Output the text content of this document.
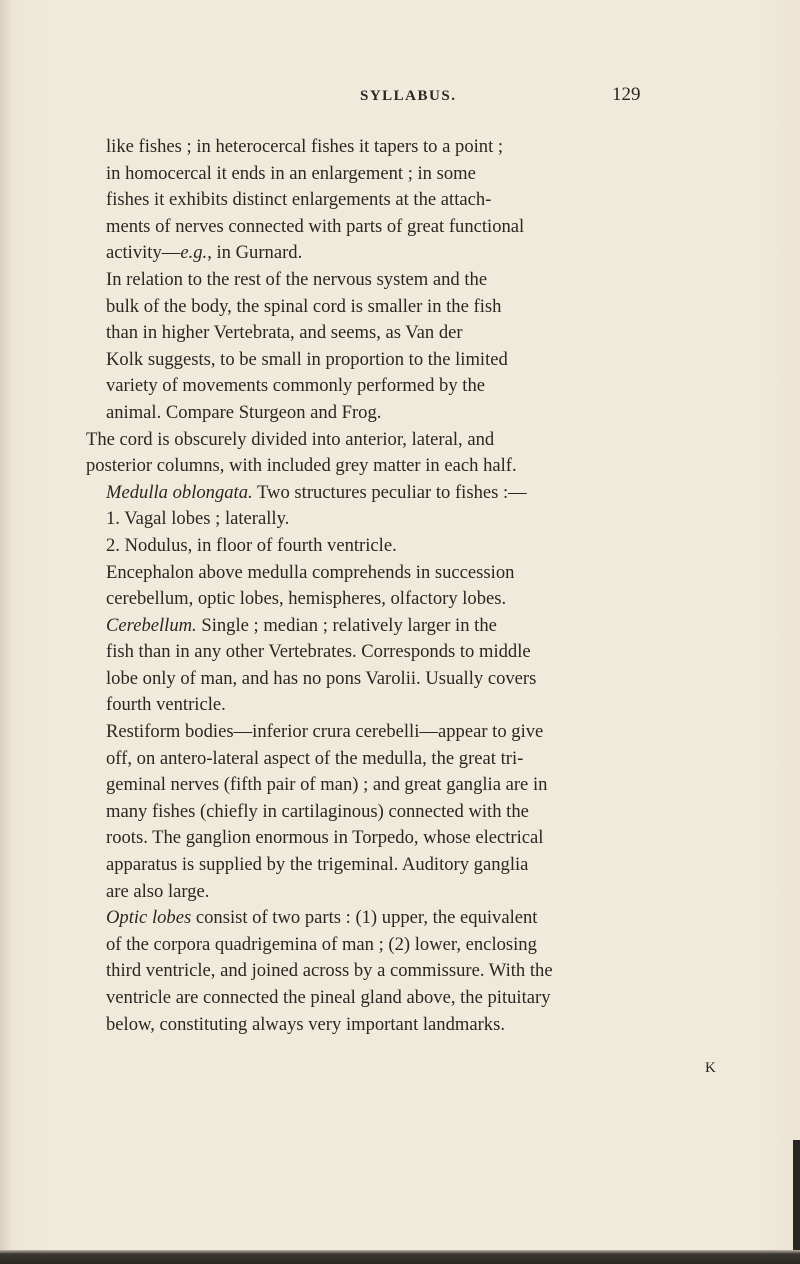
SYLLABUS.	129
like fishes ; in heterocercal fishes it tapers to a point ;
in homocercal it ends in an enlargement ; in some
fishes it exhibits distinct enlargements at the attach-
ments of nerves connected with parts of great functional
activity—e.g., in Gurnard.
In relation to the rest of the nervous system and the
bulk of the body, the spinal cord is smaller in the fish
than in higher Vertebrata, and seems, as Van der
Kolk suggests, to be small in proportion to the limited
variety of movements commonly performed by the
animal. Compare Sturgeon and Frog.
The cord is obscurely divided into anterior, lateral, and
posterior columns, with included grey matter in each half.
Medulla oblongata. Two structures peculiar to fishes :—
1. Vagal lobes ; laterally.
2. Nodulus, in floor of fourth ventricle.
Encephalon above medulla comprehends in succession
cerebellum, optic lobes, hemispheres, olfactory lobes.
Cerebellum. Single ; median ; relatively larger in the
fish than in any other Vertebrates. Corresponds to middle
lobe only of man, and has no pons Varolii. Usually covers
fourth ventricle.
Restiform bodies—inferior crura cerebelli—appear to give
off, on antero-lateral aspect of the medulla, the great tri-
geminal nerves (fifth pair of man) ; and great ganglia are in
many fishes (chiefly in cartilaginous) connected with the
roots. The ganglion enormous in Torpedo, whose electrical
apparatus is supplied by the trigeminal. Auditory ganglia
are also large.
Optic lobes consist of two parts : (1) upper, the equivalent
of the corpora quadrigemina of man ; (2) lower, enclosing
third ventricle, and joined across by a commissure. With the
ventricle are connected the pineal gland above, the pituitary
below, constituting always very important landmarks.
K
